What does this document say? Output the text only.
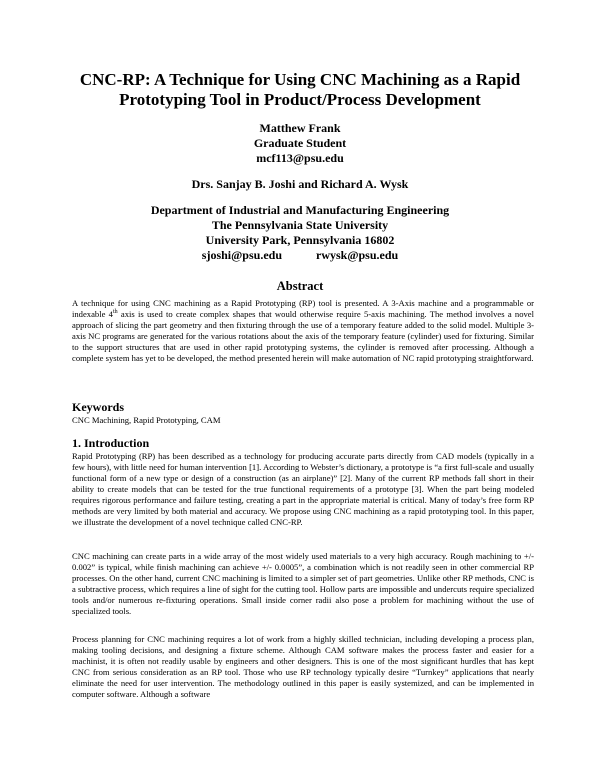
CNC-RP: A Technique for Using CNC Machining as a Rapid
Prototyping Tool in Product/Process Development
Matthew Frank
Graduate Student
mcf113@psu.edu
Drs. Sanjay B. Joshi and Richard A. Wysk
Department of Industrial and Manufacturing Engineering
The Pennsylvania State University
University Park, Pennsylvania 16802
sjoshi@psu.edu	rwysk@psu.edu
Abstract
A technique for using CNC machining as a Rapid Prototyping (RP) tool is presented. A 3-Axis machine and a programmable or indexable 4th axis is used to create complex shapes that would otherwise require 5-axis machining. The method involves a novel approach of slicing the part geometry and then fixturing through the use of a temporary feature added to the solid model. Multiple 3-axis NC programs are generated for the various rotations about the axis of the temporary feature (cylinder) used for fixturing. Similar to the support structures that are used in other rapid prototyping systems, the cylinder is removed after processing. Although a complete system has yet to be developed, the method presented herein will make automation of NC rapid prototyping straightforward.
Keywords
CNC Machining, Rapid Prototyping, CAM
1. Introduction
Rapid Prototyping (RP) has been described as a technology for producing accurate parts directly from CAD models (typically in a few hours), with little need for human intervention [1]. According to Webster’s dictionary, a prototype is “a first full-scale and usually functional form of a new type or design of a construction (as an airplane)” [2]. Many of the current RP methods fall short in their ability to create models that can be tested for the true functional requirements of a prototype [3]. When the part being modeled requires rigorous performance and failure testing, creating a part in the appropriate material is critical. Many of today’s free form RP methods are very limited by both material and accuracy. We propose using CNC machining as a rapid prototyping tool. In this paper, we illustrate the development of a novel technique called CNC-RP.
CNC machining can create parts in a wide array of the most widely used materials to a very high accuracy. Rough machining to +/- 0.002” is typical, while finish machining can achieve +/- 0.0005”, a combination which is not readily seen in other commercial RP processes. On the other hand, current CNC machining is limited to a simpler set of part geometries. Unlike other RP methods, CNC is a subtractive process, which requires a line of sight for the cutting tool. Hollow parts are impossible and undercuts require specialized tools and/or numerous re-fixturing operations. Small inside corner radii also pose a problem for machining without the use of specialized tools.
Process planning for CNC machining requires a lot of work from a highly skilled technician, including developing a process plan, making tooling decisions, and designing a fixture scheme. Although CAM software makes the process faster and easier for a machinist, it is often not readily usable by engineers and other designers. This is one of the most significant hurdles that has kept CNC from serious consideration as an RP tool. Those who use RP technology typically desire “Turnkey” applications that nearly eliminate the need for user intervention. The methodology outlined in this paper is easily systemized, and can be implemented in computer software. Although a software
